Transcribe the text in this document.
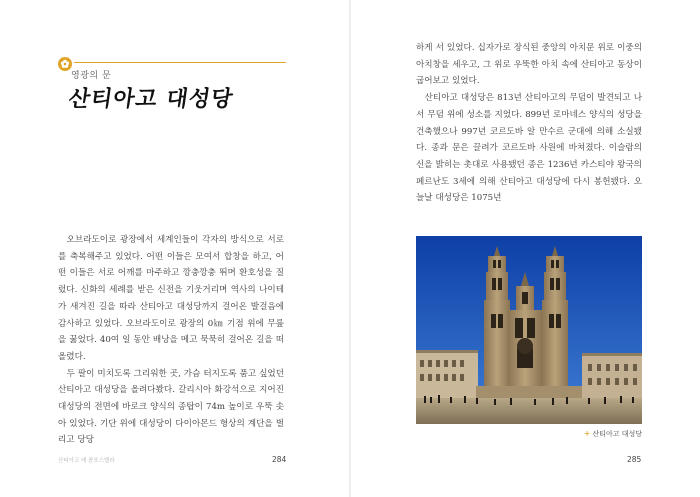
영광의 문
산티아고 대성당

오브라도이로 광장에서 세계인들이 각자의 방식으로 서로를 축복해주고 있었다. 어떤 이들은 모여서 합창을 하고, 어떤 이들은 서로 어깨를 마주하고 깡충깡충 뛰며 환호성을 질렀다. 신화의 세례를 받은 신전을 기웃거리며 역사의 나이테가 새겨진 길을 따라 산티아고 대성당까지 걸어온 발걸음에 감사하고 있었다. 오브라도이로 광장의 0㎞ 기점 위에 무릎을 꿇었다. 40여 일 동안 배낭을 메고 묵묵히 걸어온 길을 떠올렸다.

두 팔이 미치도록 그리워한 곳, 가슴 터지도록 품고 싶었던 산티아고 대성당을 올려다봤다. 갈리시아 화강석으로 지어진 대성당의 전면에 바로크 양식의 종탑이 74m 높이로 우뚝 솟아 있었다. 기단 위에 대성당이 다이아몬드 형상의 계단을 벌리고 당당

산티아고 데 콤포스텔라	284

하게 서 있었다. 십자가로 장식된 중앙의 아치문 위로 이중의 아치창을 세우고, 그 위로 우뚝한 아치 속에 산티아고 동상이 굽어보고 있었다.

산티아고 대성당은 813년 산티아고의 무덤이 발견되고 나서 무덤 위에 성소를 지었다. 899년 로마네스 양식의 성당을 건축했으나 997년 코르도바 알 만수르 군대에 의해 소실됐다. 종과 문은 끌려가 코르도바 사원에 바쳐졌다. 이슬람의 신을 밝히는 촛대로 사용됐던 종은 1236년 카스티야 왕국의 페르난도 3세에 의해 산티아고 대성당에 다시 봉헌됐다. 오늘날 대성당은 1075년

+ 산티아고 대성당
285
